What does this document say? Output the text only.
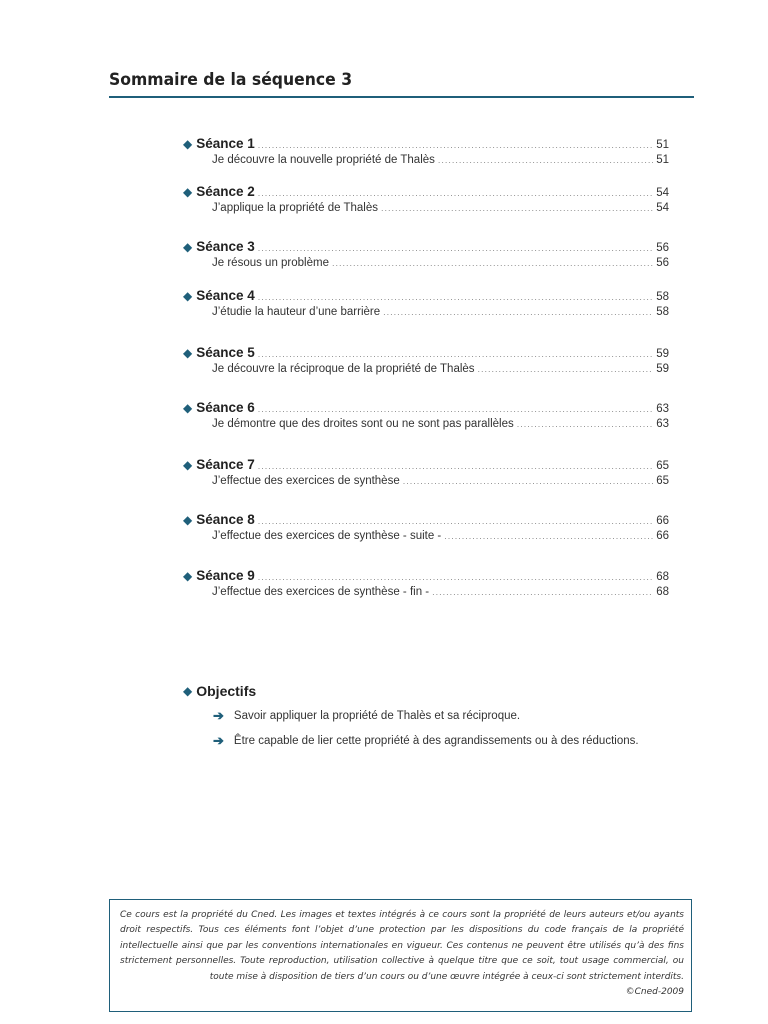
Sommaire de la séquence 3
◆ Séance 1 .....	51
Je découvre la nouvelle propriété de Thalès .....	51
◆ Séance 2 .....	54
J’applique la propriété de Thalès .....	54
◆ Séance 3 .....	56
Je résous un problème .....	56
◆ Séance 4 .....	58
J’étudie la hauteur d’une barrière .....	58
◆ Séance 5 .....	59
Je découvre la réciproque de la propriété de Thalès .....	59
◆ Séance 6 .....	63
Je démontre que des droites sont ou ne sont pas parallèles .....	63
◆ Séance 7 .....	65
J’effectue des exercices de synthèse .....	65
◆ Séance 8 .....	66
J’effectue des exercices de synthèse - suite - .....	66
◆ Séance 9 .....	68
J’effectue des exercices de synthèse - fin - .....	68
◆ Objectifs
➔ Savoir appliquer la propriété de Thalès et sa réciproque.
➔ Être capable de lier cette propriété à des agrandissements ou à des réductions.
Ce cours est la propriété du Cned. Les images et textes intégrés à ce cours sont la propriété de leurs auteurs et/ou ayants droit respectifs. Tous ces éléments font l’objet d’une protection par les dispositions du code français de la propriété intellectuelle ainsi que par les conventions internationales en vigueur. Ces contenus ne peuvent être utilisés qu’à des fins strictement personnelles. Toute reproduction, utilisation collective à quelque titre que ce soit, tout usage commercial, ou toute mise à disposition de tiers d’un cours ou d’une œuvre intégrée à ceux-ci sont strictement interdits.
©Cned-2009
